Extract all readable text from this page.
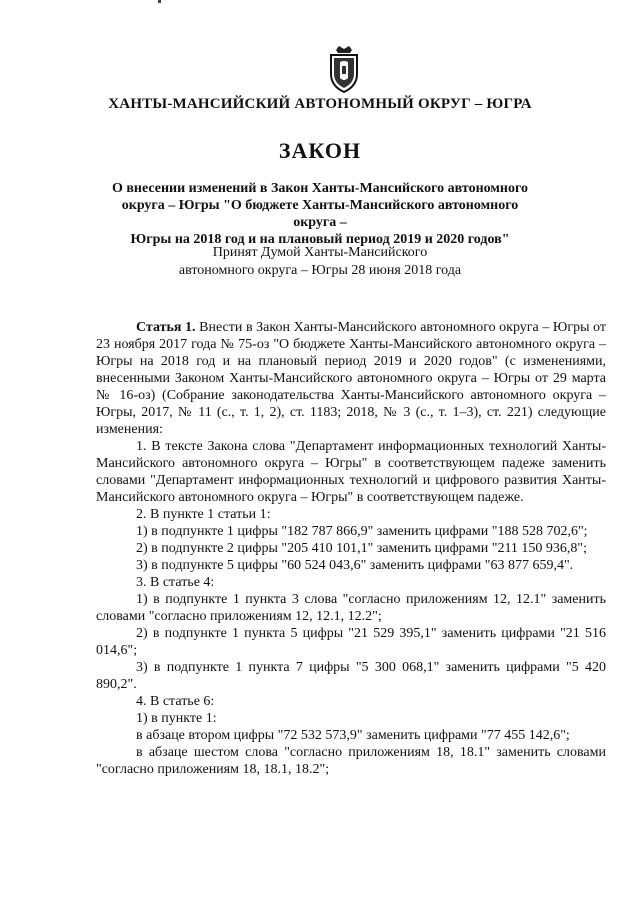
ХАНТЫ-МАНСИЙСКИЙ АВТОНОМНЫЙ ОКРУГ – ЮГРА
ЗАКОН
О внесении изменений в Закон Ханты-Мансийского автономного
округа – Югры "О бюджете Ханты-Мансийского автономного округа –
Югры на 2018 год и на плановый период 2019 и 2020 годов"
Принят Думой Ханты-Мансийского
автономного округа – Югры 28 июня 2018 года

Статья 1. Внести в Закон Ханты-Мансийского автономного округа – Югры от 23 ноября 2017 года № 75-оз "О бюджете Ханты-Мансийского автономного округа – Югры на 2018 год и на плановый период 2019 и 2020 годов" (с изменениями, внесенными Законом Ханты-Мансийского автономного округа – Югры от 29 марта № 16-оз) (Собрание законодательства Ханты-Мансийского автономного округа – Югры, 2017, № 11 (с., т. 1, 2), ст. 1183; 2018, № 3 (с., т. 1–3), ст. 221) следующие изменения:

1. В тексте Закона слова "Департамент информационных технологий Ханты-Мансийского автономного округа – Югры" в соответствующем падеже заменить словами "Департамент информационных технологий и цифрового развития Ханты-Мансийского автономного округа – Югры" в соответствующем падеже.

2. В пункте 1 статьи 1:

1) в подпункте 1 цифры "182 787 866,9" заменить цифрами "188 528 702,6";

2) в подпункте 2 цифры "205 410 101,1" заменить цифрами "211 150 936,8";

3) в подпункте 5 цифры "60 524 043,6" заменить цифрами "63 877 659,4".

3. В статье 4:

1) в подпункте 1 пункта 3 слова "согласно приложениям 12, 12.1" заменить словами "согласно приложениям 12, 12.1, 12.2";

2) в подпункте 1 пункта 5 цифры "21 529 395,1" заменить цифрами "21 516 014,6";

3) в подпункте 1 пункта 7 цифры "5 300 068,1" заменить цифрами "5 420 890,2".

4. В статье 6:

1) в пункте 1:

в абзаце втором цифры "72 532 573,9" заменить цифрами "77 455 142,6";

в абзаце шестом слова "согласно приложениям 18, 18.1" заменить словами "согласно приложениям 18, 18.1, 18.2";
